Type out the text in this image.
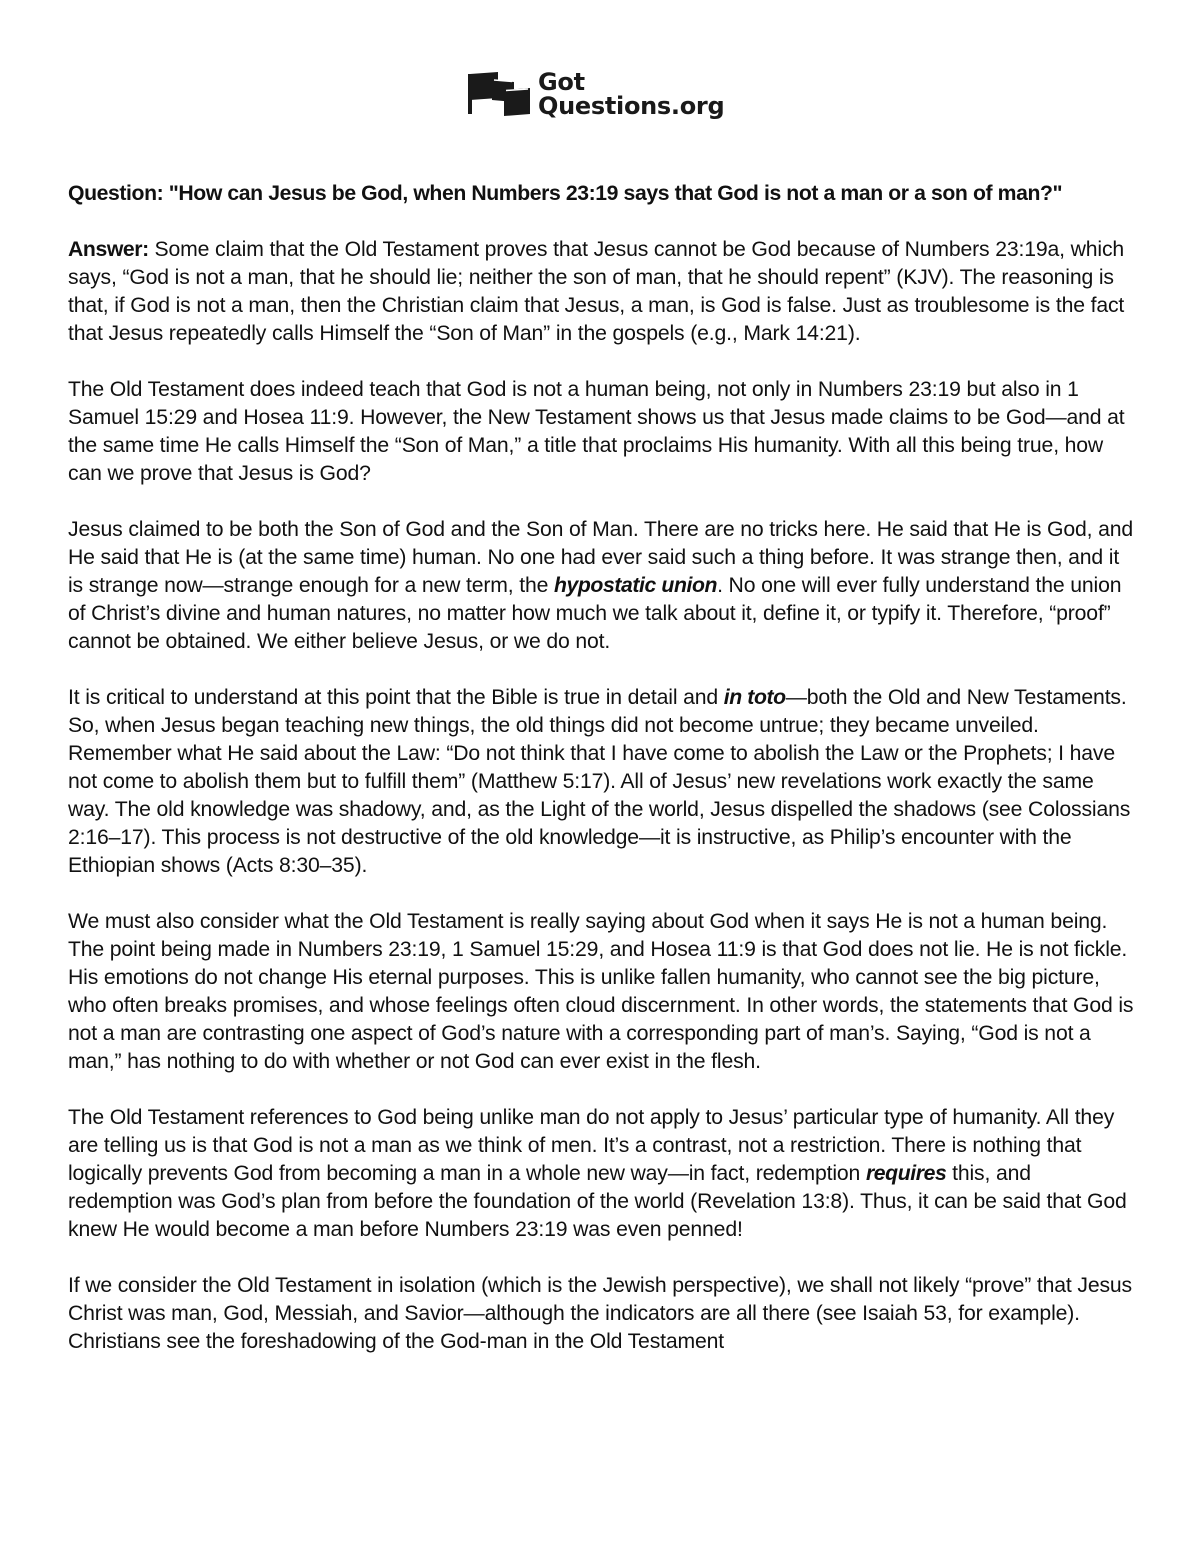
Got
Questions.org

Question: "How can Jesus be God, when Numbers 23:19 says that God is not a man or a son of man?"

Answer: Some claim that the Old Testament proves that Jesus cannot be God because of Numbers 23:19a, which says, “God is not a man, that he should lie; neither the son of man, that he should repent” (KJV). The reasoning is that, if God is not a man, then the Christian claim that Jesus, a man, is God is false. Just as troublesome is the fact that Jesus repeatedly calls Himself the “Son of Man” in the gospels (e.g., Mark 14:21).

The Old Testament does indeed teach that God is not a human being, not only in Numbers 23:19 but also in 1 Samuel 15:29 and Hosea 11:9. However, the New Testament shows us that Jesus made claims to be God—and at the same time He calls Himself the “Son of Man,” a title that proclaims His humanity. With all this being true, how can we prove that Jesus is God?

Jesus claimed to be both the Son of God and the Son of Man. There are no tricks here. He said that He is God, and He said that He is (at the same time) human. No one had ever said such a thing before. It was strange then, and it is strange now—strange enough for a new term, the hypostatic union. No one will ever fully understand the union of Christ’s divine and human natures, no matter how much we talk about it, define it, or typify it. Therefore, “proof” cannot be obtained. We either believe Jesus, or we do not.

It is critical to understand at this point that the Bible is true in detail and in toto—both the Old and New Testaments. So, when Jesus began teaching new things, the old things did not become untrue; they became unveiled. Remember what He said about the Law: “Do not think that I have come to abolish the Law or the Prophets; I have not come to abolish them but to fulfill them” (Matthew 5:17). All of Jesus’ new revelations work exactly the same way. The old knowledge was shadowy, and, as the Light of the world, Jesus dispelled the shadows (see Colossians 2:16–17). This process is not destructive of the old knowledge—it is instructive, as Philip’s encounter with the Ethiopian shows (Acts 8:30–35).

We must also consider what the Old Testament is really saying about God when it says He is not a human being. The point being made in Numbers 23:19, 1 Samuel 15:29, and Hosea 11:9 is that God does not lie. He is not fickle. His emotions do not change His eternal purposes. This is unlike fallen humanity, who cannot see the big picture, who often breaks promises, and whose feelings often cloud discernment. In other words, the statements that God is not a man are contrasting one aspect of God’s nature with a corresponding part of man’s. Saying, “God is not a man,” has nothing to do with whether or not God can ever exist in the flesh.

The Old Testament references to God being unlike man do not apply to Jesus’ particular type of humanity. All they are telling us is that God is not a man as we think of men. It’s a contrast, not a restriction. There is nothing that logically prevents God from becoming a man in a whole new way—in fact, redemption requires this, and redemption was God’s plan from before the foundation of the world (Revelation 13:8). Thus, it can be said that God knew He would become a man before Numbers 23:19 was even penned!

If we consider the Old Testament in isolation (which is the Jewish perspective), we shall not likely “prove” that Jesus Christ was man, God, Messiah, and Savior—although the indicators are all there (see Isaiah 53, for example). Christians see the foreshadowing of the God-man in the Old Testament
